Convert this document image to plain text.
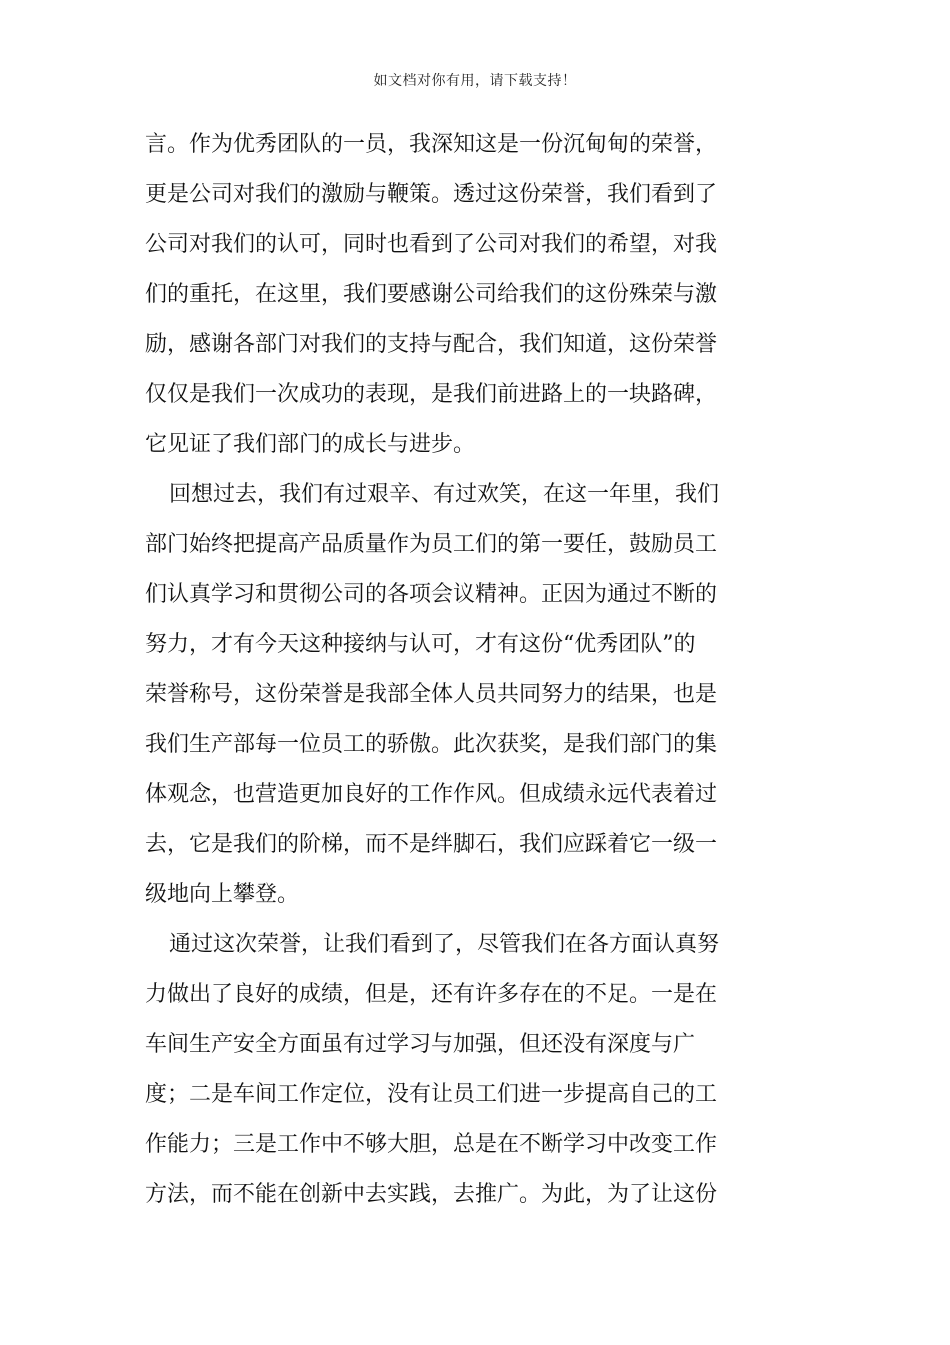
如文档对你有用，请下载支持！
言。作为优秀团队的一员，我深知这是一份沉甸甸的荣誉，
更是公司对我们的激励与鞭策。透过这份荣誉，我们看到了
公司对我们的认可，同时也看到了公司对我们的希望，对我
们的重托，在这里，我们要感谢公司给我们的这份殊荣与激
励，感谢各部门对我们的支持与配合，我们知道，这份荣誉
仅仅是我们一次成功的表现，是我们前进路上的一块路碑，
它见证了我们部门的成长与进步。
回想过去，我们有过艰辛、有过欢笑，在这一年里，我们
部门始终把提高产品质量作为员工们的第一要任，鼓励员工
们认真学习和贯彻公司的各项会议精神。正因为通过不断的
努力，才有今天这种接纳与认可，才有这份“优秀团队”的
荣誉称号，这份荣誉是我部全体人员共同努力的结果，也是
我们生产部每一位员工的骄傲。此次获奖，是我们部门的集
体观念，也营造更加良好的工作作风。但成绩永远代表着过
去，它是我们的阶梯，而不是绊脚石，我们应踩着它一级一
级地向上攀登。
通过这次荣誉，让我们看到了，尽管我们在各方面认真努
力做出了良好的成绩，但是，还有许多存在的不足。一是在
车间生产安全方面虽有过学习与加强，但还没有深度与广
度；二是车间工作定位，没有让员工们进一步提高自己的工
作能力；三是工作中不够大胆，总是在不断学习中改变工作
方法，而不能在创新中去实践，去推广。为此，为了让这份
